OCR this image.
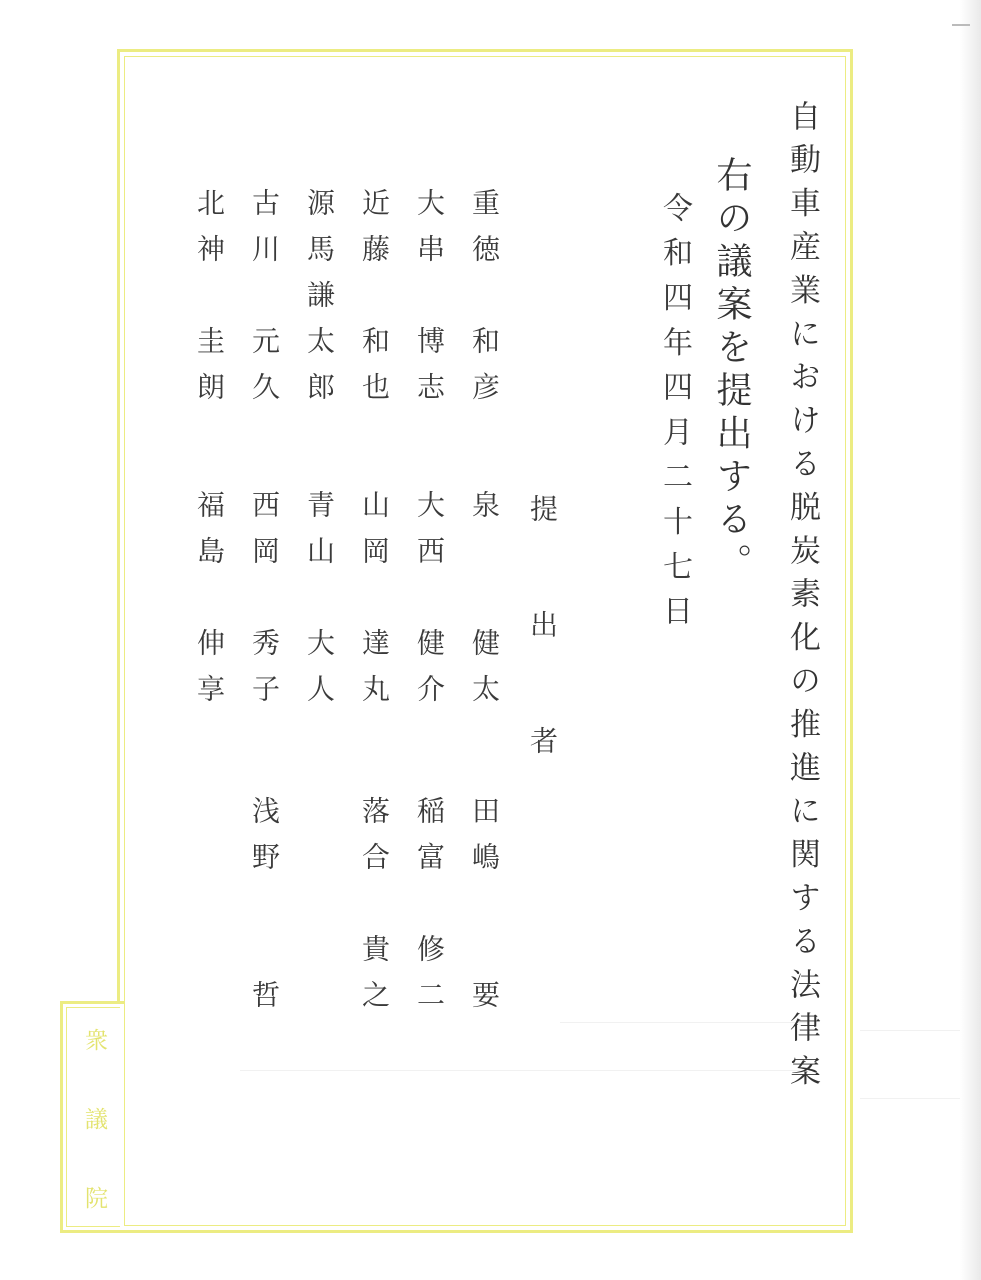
自動車産業における脱炭素化の推進に関する法律案

右の議案を提出する。

令和四年四月二十七日

提　出　者

重徳　和彦

大串　博志

近藤　和也

源馬謙太郎

古川　元久

北神　圭朗

泉　　健太

大西　健介

山岡　達丸

青山　大人

西岡　秀子

福島　伸享

田嶋　　要

稲富　修二

落合　貴之

浅野　　哲

衆議院
